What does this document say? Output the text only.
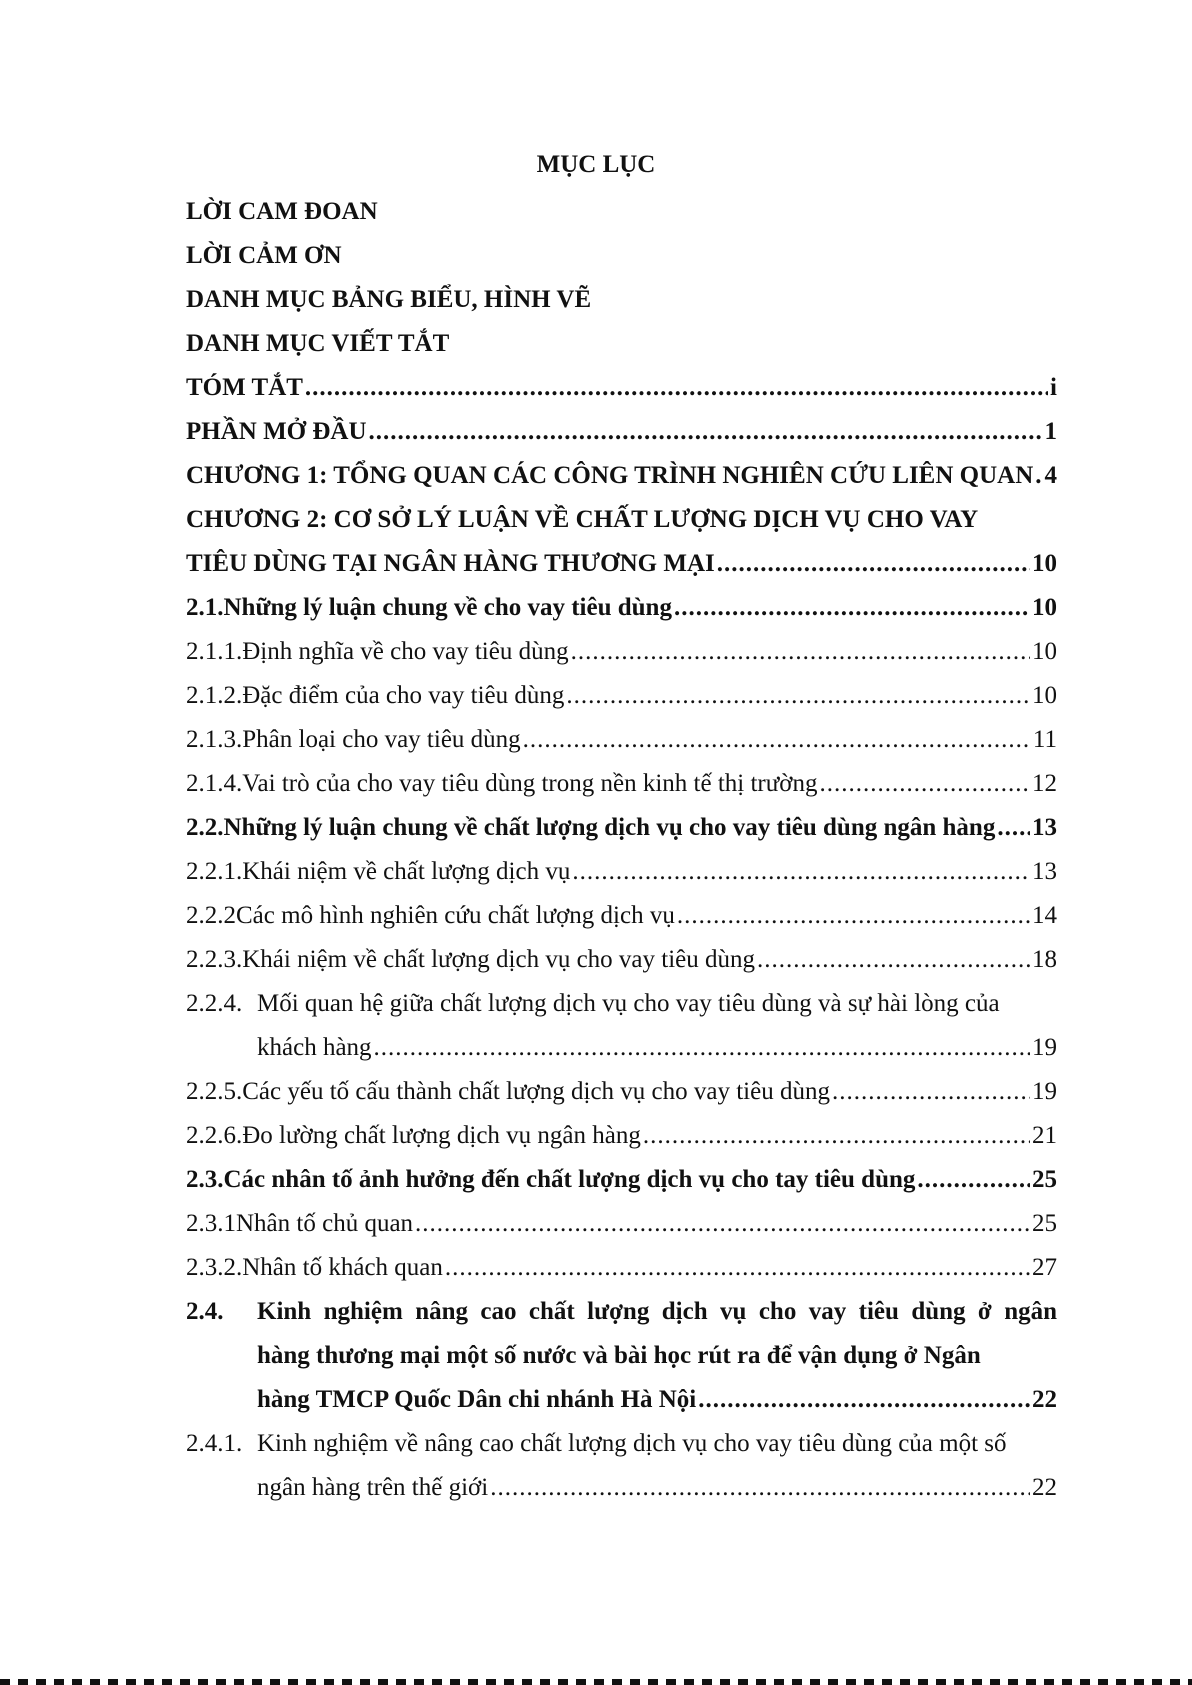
MỤC LỤC
LỜI CAM ĐOAN
LỜI CẢM ƠN
DANH MỤC BẢNG BIỂU, HÌNH VẼ
DANH MỤC VIẾT TẮT
TÓM TẮT .....	i
PHẦN MỞ ĐẦU .....	1
CHƯƠNG 1: TỔNG QUAN CÁC CÔNG TRÌNH NGHIÊN CỨU LIÊN QUAN ..... 4
CHƯƠNG 2: CƠ SỞ LÝ LUẬN VỀ CHẤT LƯỢNG DỊCH VỤ CHO VAY
TIÊU DÙNG TẠI NGÂN HÀNG THƯƠNG MẠI .....	10
2.1. Những lý luận chung về cho vay tiêu dùng .....	10
2.1.1. Định nghĩa về cho vay tiêu dùng .....	10
2.1.2. Đặc điểm của cho vay tiêu dùng .....	10
2.1.3. Phân loại cho vay tiêu dùng .....	11
2.1.4. Vai trò của cho vay tiêu dùng trong nền kinh tế thị trường .....	12
2.2. Những lý luận chung về chất lượng dịch vụ cho vay tiêu dùng ngân hàng ..... 13
2.2.1. Khái niệm về chất lượng dịch vụ .....	13
2.2.2 Các mô hình nghiên cứu chất lượng dịch vụ .....	14
2.2.3. Khái niệm về chất lượng dịch vụ cho vay tiêu dùng .....	18
2.2.4. Mối quan hệ giữa chất lượng dịch vụ cho vay tiêu dùng và sự hài lòng của
khách hàng .....	19
2.2.5. Các yếu tố cấu thành chất lượng dịch vụ cho vay tiêu dùng .....	19
2.2.6. Đo lường chất lượng dịch vụ ngân hàng .....	21
2.3. Các nhân tố ảnh hưởng đến chất lượng dịch vụ cho tay tiêu dùng .....	25
2.3.1 Nhân tố chủ quan .....	25
2.3.2. Nhân tố khách quan .....	27
2.4.	Kinh nghiệm nâng cao chất lượng dịch vụ cho vay tiêu dùng ở ngân
hàng thương mại một số nước và bài học rút ra để vận dụng ở Ngân
hàng TMCP Quốc Dân chi nhánh Hà Nội .....	22
2.4.1. Kinh nghiệm về nâng cao chất lượng dịch vụ cho vay tiêu dùng của một số
ngân hàng trên thế giới .....	22
